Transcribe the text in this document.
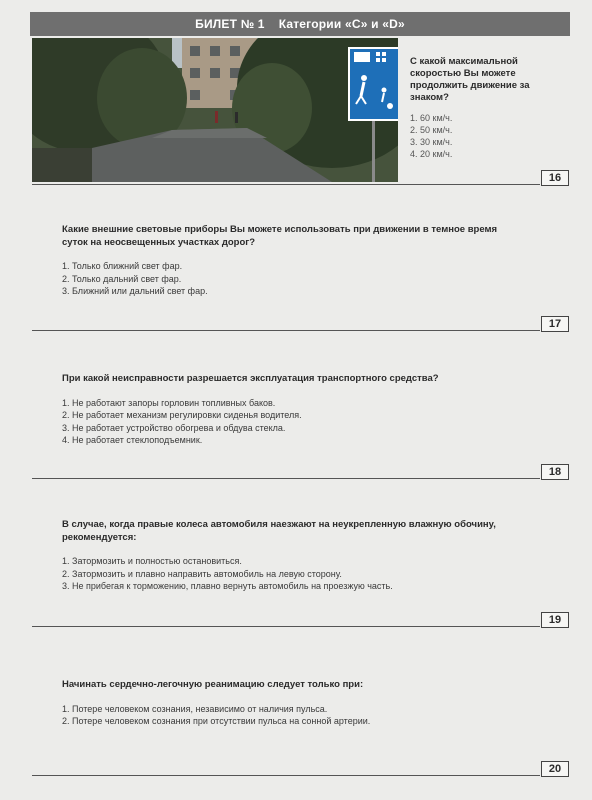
БИЛЕТ № 1 Категории «С» и «D»

С какой максимальной скоростью Вы можете продолжить движение за знаком?

1. 60 км/ч.
2. 50 км/ч.
3. 30 км/ч.
4. 20 км/ч.
16

Какие внешние световые приборы Вы можете использовать при движении в темное время суток на неосвещенных участках дорог?

1. Только ближний свет фар.
2. Только дальний свет фар.
3. Ближний или дальний свет фар.
17

При какой неисправности разрешается эксплуатация транспортного средства?

1. Не работают запоры горловин топливных баков.
2. Не работает механизм регулировки сиденья водителя.
3. Не работает устройство обогрева и обдува стекла.
4. Не работает стеклоподъемник.
18

В случае, когда правые колеса автомобиля наезжают на неукрепленную влажную обочину, рекомендуется:

1. Затормозить и полностью остановиться.
2. Затормозить и плавно направить автомобиль на левую сторону.
3. Не прибегая к торможению, плавно вернуть автомобиль на проезжую часть.
19

Начинать сердечно-легочную реанимацию следует только при:

1. Потере человеком сознания, независимо от наличия пульса.
2. Потере человеком сознания при отсутствии пульса на сонной артерии.
20
